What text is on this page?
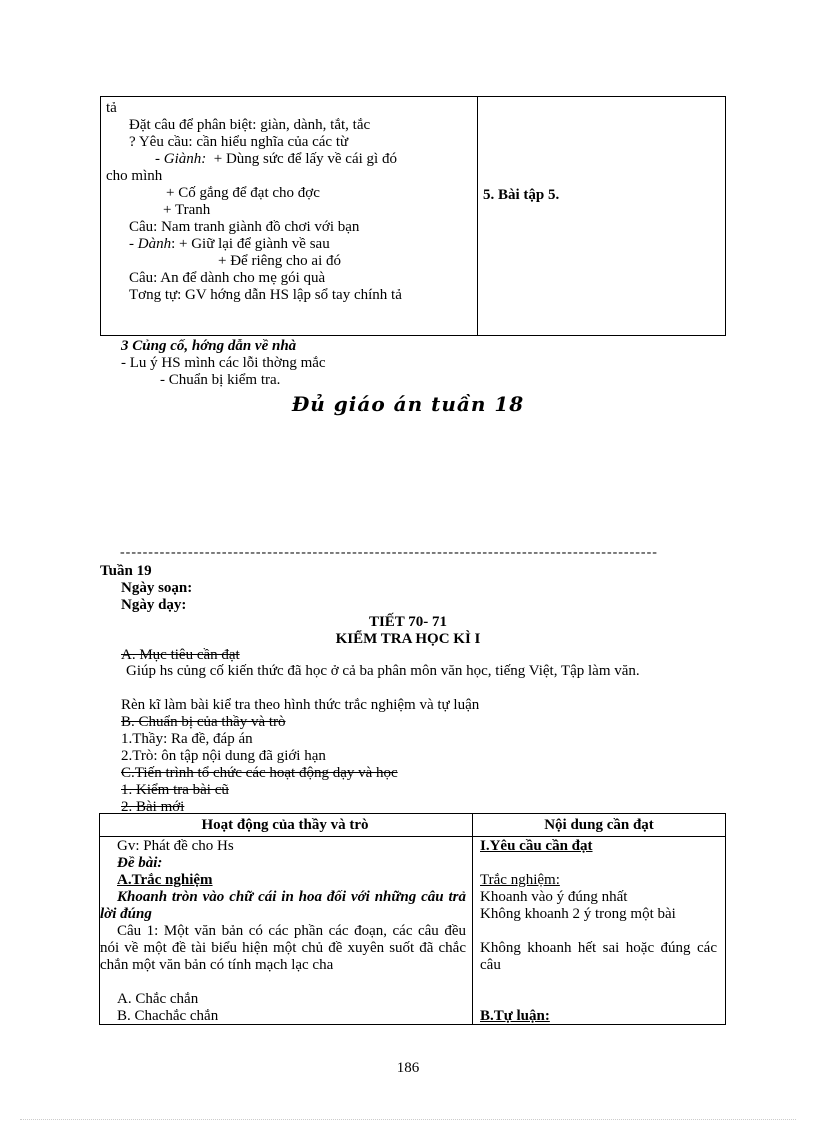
tả
Đặt câu để phân biệt: giàn, dành, tắt, tắc
? Yêu cầu: cần hiểu nghĩa của các từ
- Giành: + Dùng sức để lấy về cái gì đó
cho mình
+ Cố gắng để đạt cho đợc
+ Tranh
Câu: Nam tranh giành đồ chơi với bạn
- Dành: + Giữ lại để giành về sau
+ Để riêng cho ai đó
Câu: An để dành cho mẹ gói quà
Tơng tự: GV hớng dẫn HS lập sổ tay chính tả
5. Bài tập 5.
3 Củng cố, hớng dẫn về nhà
- Lu ý HS mình các lỗi thờng mắc
- Chuẩn bị kiểm tra.
Đủ giáo án tuần 18
-----------------------------------------------------------------------------------------------
Tuần 19
Ngày soạn:
Ngày dạy:
TIẾT 70- 71
KIỂM TRA HỌC KÌ I
A. Mục tiêu cần đạt
Giúp hs củng cố kiến thức đã học ở cả ba phân môn văn học, tiếng Việt, Tập làm văn.
Rèn kĩ làm bài kiể tra theo hình thức trắc nghiệm và tự luận
B. Chuẩn bị của thầy và trò
1.Thầy: Ra đề, đáp án
2.Trò: ôn tập nội dung đã giới hạn
C.Tiến trình tổ chức các hoạt động dạy và học
1. Kiểm tra bài cũ
2. Bài mới
Hoạt động của thầy và trò	Nội dung cần đạt
Gv: Phát đề cho Hs
Đề bài:
A.Trắc nghiệm
Khoanh tròn vào chữ cái in hoa đối với những câu trả lời đúng
Câu 1: Một văn bản có các phần các đoạn, các câu đều nói về một đề tài biểu hiện một chủ đề xuyên suốt đã chắc chắn một văn bản có tính mạch lạc cha
A. Chắc chắn
B. Chachắc chắn
I.Yêu cầu cần đạt
Trắc nghiệm:
Khoanh vào ý đúng nhất
Không khoanh 2 ý trong một bài
Không khoanh hết sai hoặc đúng các câu
B.Tự luận:
186
